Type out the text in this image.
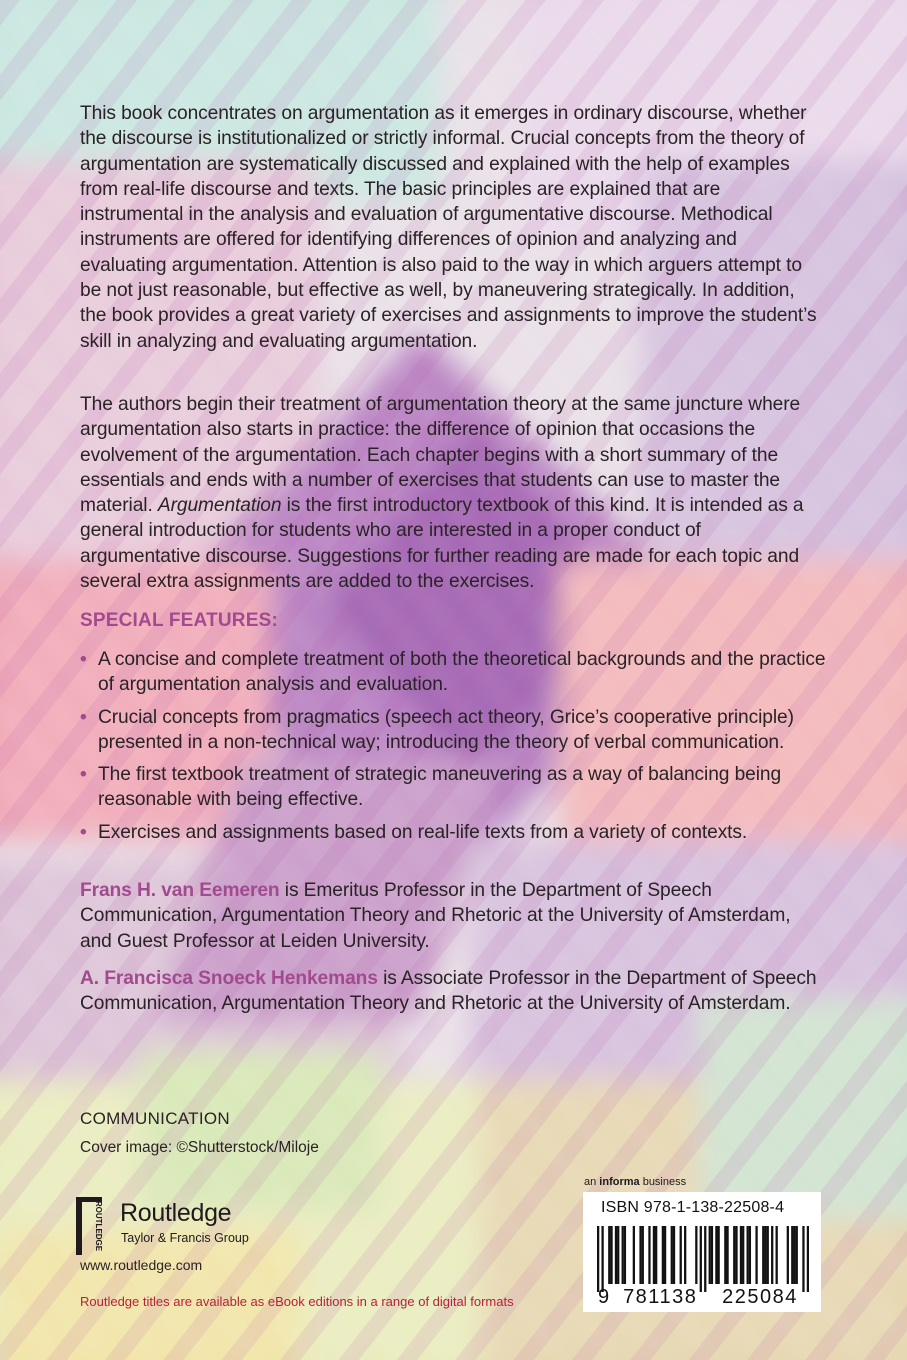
This book concentrates on argumentation as it emerges in ordinary discourse, whether the discourse is institutionalized or strictly informal. Crucial concepts from the theory of argumentation are systematically discussed and explained with the help of examples from real-life discourse and texts. The basic principles are explained that are instrumental in the analysis and evaluation of argumentative discourse. Methodical instruments are offered for identifying differences of opinion and analyzing and evaluating argumentation. Attention is also paid to the way in which arguers attempt to be not just reasonable, but effective as well, by maneuvering strategically. In addition, the book provides a great variety of exercises and assignments to improve the student’s skill in analyzing and evaluating argumentation.

The authors begin their treatment of argumentation theory at the same juncture where argumentation also starts in practice: the difference of opinion that occasions the evolvement of the argumentation. Each chapter begins with a short summary of the essentials and ends with a number of exercises that students can use to master the material. Argumentation is the first introductory textbook of this kind. It is intended as a general introduction for students who are interested in a proper conduct of argumentative discourse. Suggestions for further reading are made for each topic and several extra assignments are added to the exercises.

SPECIAL FEATURES:
• A concise and complete treatment of both the theoretical backgrounds and the practice of argumentation analysis and evaluation.
• Crucial concepts from pragmatics (speech act theory, Grice’s cooperative principle) presented in a non-technical way; introducing the theory of verbal communication.
• The first textbook treatment of strategic maneuvering as a way of balancing being reasonable with being effective.
• Exercises and assignments based on real-life texts from a variety of contexts.

Frans H. van Eemeren is Emeritus Professor in the Department of Speech Communication, Argumentation Theory and Rhetoric at the University of Amsterdam, and Guest Professor at Leiden University.

A. Francisca Snoeck Henkemans is Associate Professor in the Department of Speech Communication, Argumentation Theory and Rhetoric at the University of Amsterdam.

COMMUNICATION
Cover image: ©Shutterstock/Miloje
ROUTLEDGE Routledge
Taylor & Francis Group
www.routledge.com
Routledge titles are available as eBook editions in a range of digital formats
an informa business
ISBN 978-1-138-22508-4
9 781138 225084
